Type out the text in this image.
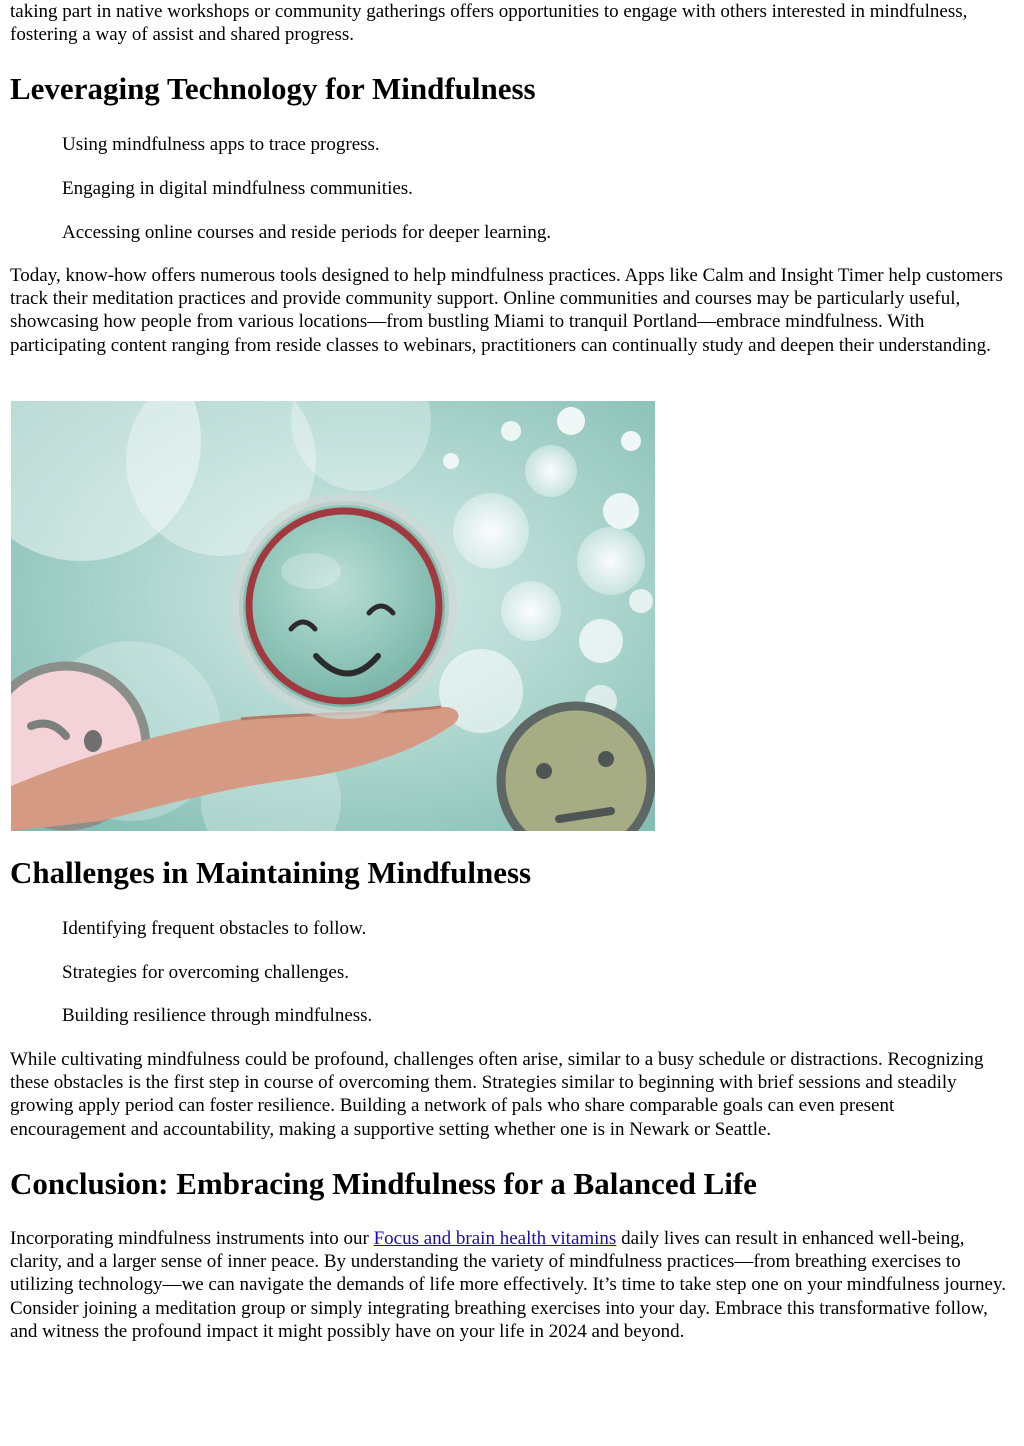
taking part in native workshops or community gatherings offers opportunities to engage with others interested in mindfulness, fostering a way of assist and shared progress.

Leveraging Technology for Mindfulness

Using mindfulness apps to trace progress.

Engaging in digital mindfulness communities.

Accessing online courses and reside periods for deeper learning.

Today, know-how offers numerous tools designed to help mindfulness practices. Apps like Calm and Insight Timer help customers track their meditation practices and provide community support. Online communities and courses may be particularly useful, showcasing how people from various locations—from bustling Miami to tranquil Portland—embrace mindfulness. With participating content ranging from reside classes to webinars, practitioners can continually study and deepen their understanding.

Challenges in Maintaining Mindfulness

Identifying frequent obstacles to follow.

Strategies for overcoming challenges.

Building resilience through mindfulness.

While cultivating mindfulness could be profound, challenges often arise, similar to a busy schedule or distractions. Recognizing these obstacles is the first step in course of overcoming them. Strategies similar to beginning with brief sessions and steadily growing apply period can foster resilience. Building a network of pals who share comparable goals can even present encouragement and accountability, making a supportive setting whether one is in Newark or Seattle.

Conclusion: Embracing Mindfulness for a Balanced Life

Incorporating mindfulness instruments into our Focus and brain health vitamins daily lives can result in enhanced well-being, clarity, and a larger sense of inner peace. By understanding the variety of mindfulness practices—from breathing exercises to utilizing technology—we can navigate the demands of life more effectively. It’s time to take step one on your mindfulness journey. Consider joining a meditation group or simply integrating breathing exercises into your day. Embrace this transformative follow, and witness the profound impact it might possibly have on your life in 2024 and beyond.
